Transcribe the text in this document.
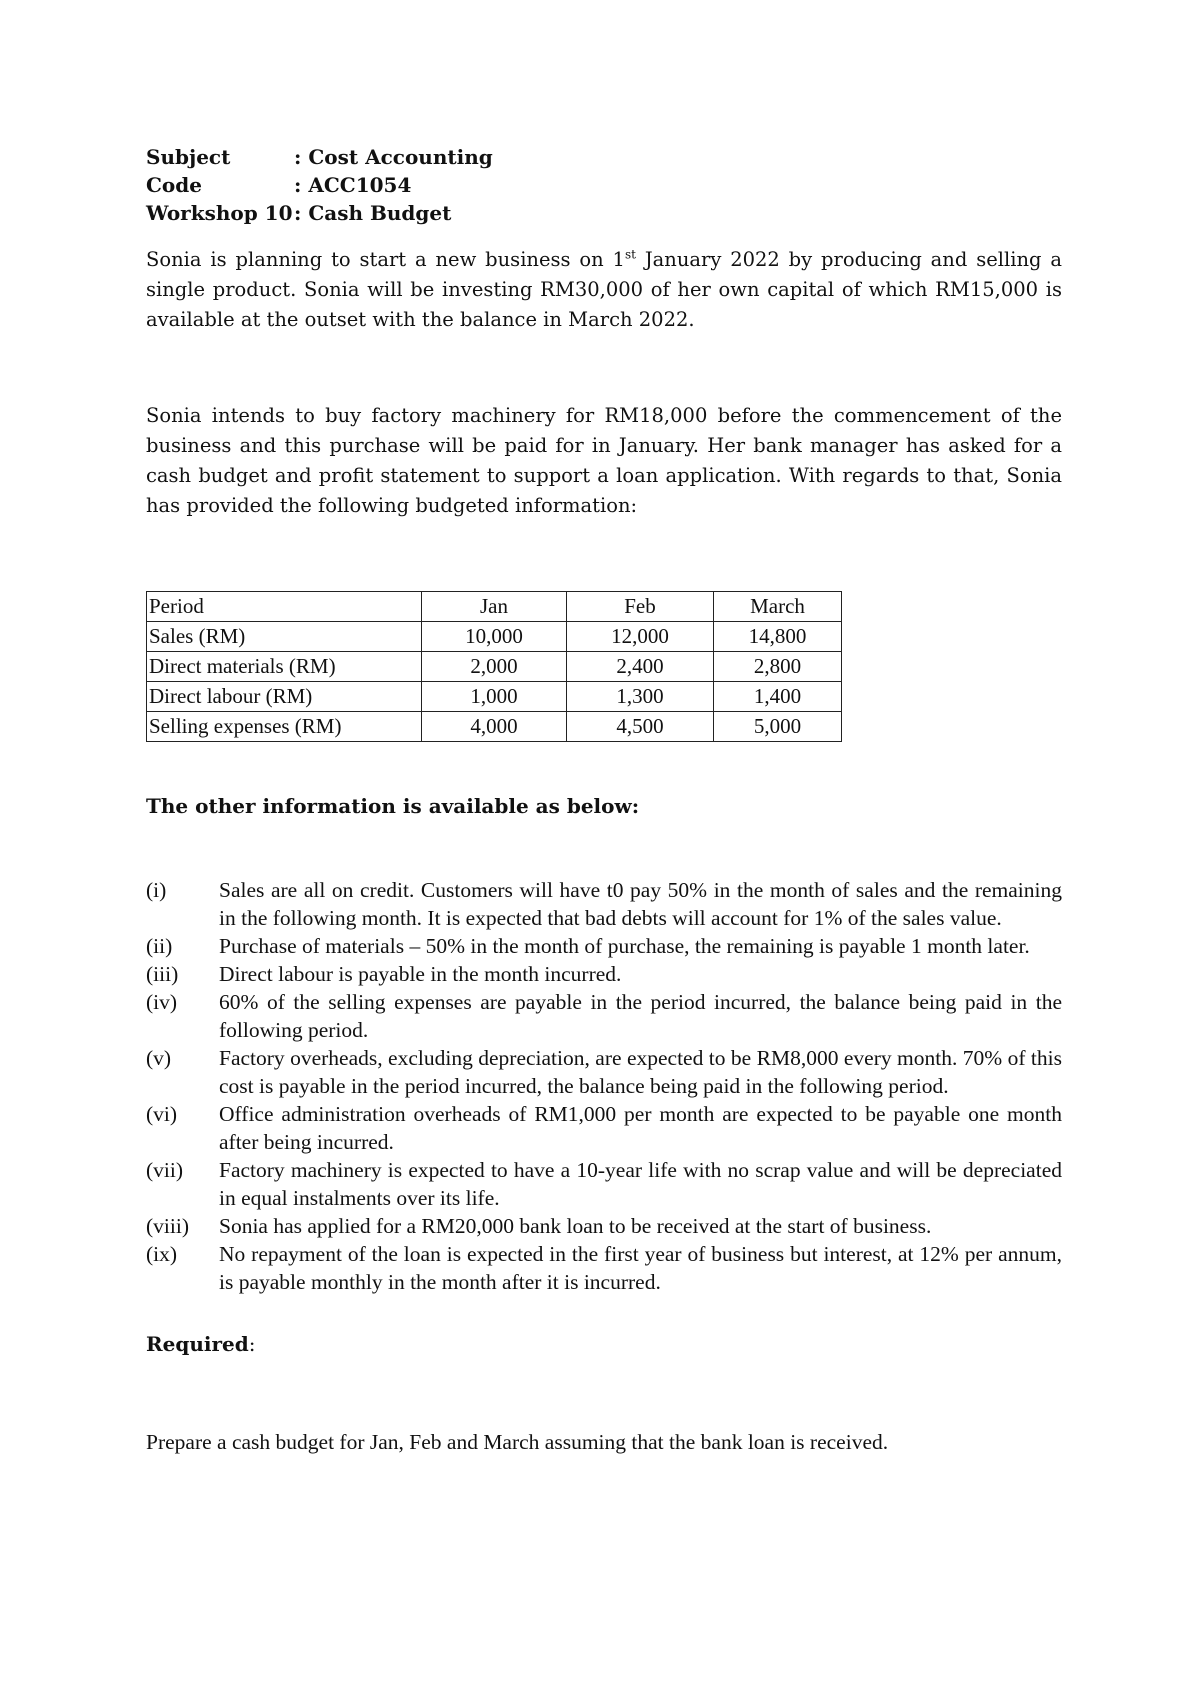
Subject	: Cost Accounting
Code	: ACC1054
Workshop 10	: Cash Budget

Sonia is planning to start a new business on 1st January 2022 by producing and selling a single product. Sonia will be investing RM30,000 of her own capital of which RM15,000 is available at the outset with the balance in March 2022.

Sonia intends to buy factory machinery for RM18,000 before the commencement of the business and this purchase will be paid for in January. Her bank manager has asked for a cash budget and profit statement to support a loan application. With regards to that, Sonia has provided the following budgeted information:

Period	Jan	Feb	March
Sales (RM)	10,000	12,000	14,800
Direct materials (RM)	2,000	2,400	2,800
Direct labour (RM)	1,000	1,300	1,400
Selling expenses (RM)	4,000	4,500	5,000
The other information is available as below:
(i)	Sales are all on credit. Customers will have t0 pay 50% in the month of sales and the remaining in the following month. It is expected that bad debts will account for 1% of the sales value.
(ii)	Purchase of materials – 50% in the month of purchase, the remaining is payable 1 month later.
(iii)	Direct labour is payable in the month incurred.
(iv)	60% of the selling expenses are payable in the period incurred, the balance being paid in the following period.
(v)	Factory overheads, excluding depreciation, are expected to be RM8,000 every month. 70% of this cost is payable in the period incurred, the balance being paid in the following period.
(vi)	Office administration overheads of RM1,000 per month are expected to be payable one month after being incurred.
(vii)	Factory machinery is expected to have a 10-year life with no scrap value and will be depreciated in equal instalments over its life.
(viii)	Sonia has applied for a RM20,000 bank loan to be received at the start of business.
(ix)	No repayment of the loan is expected in the first year of business but interest, at 12% per annum, is payable monthly in the month after it is incurred.
Required:
Prepare a cash budget for Jan, Feb and March assuming that the bank loan is received.
